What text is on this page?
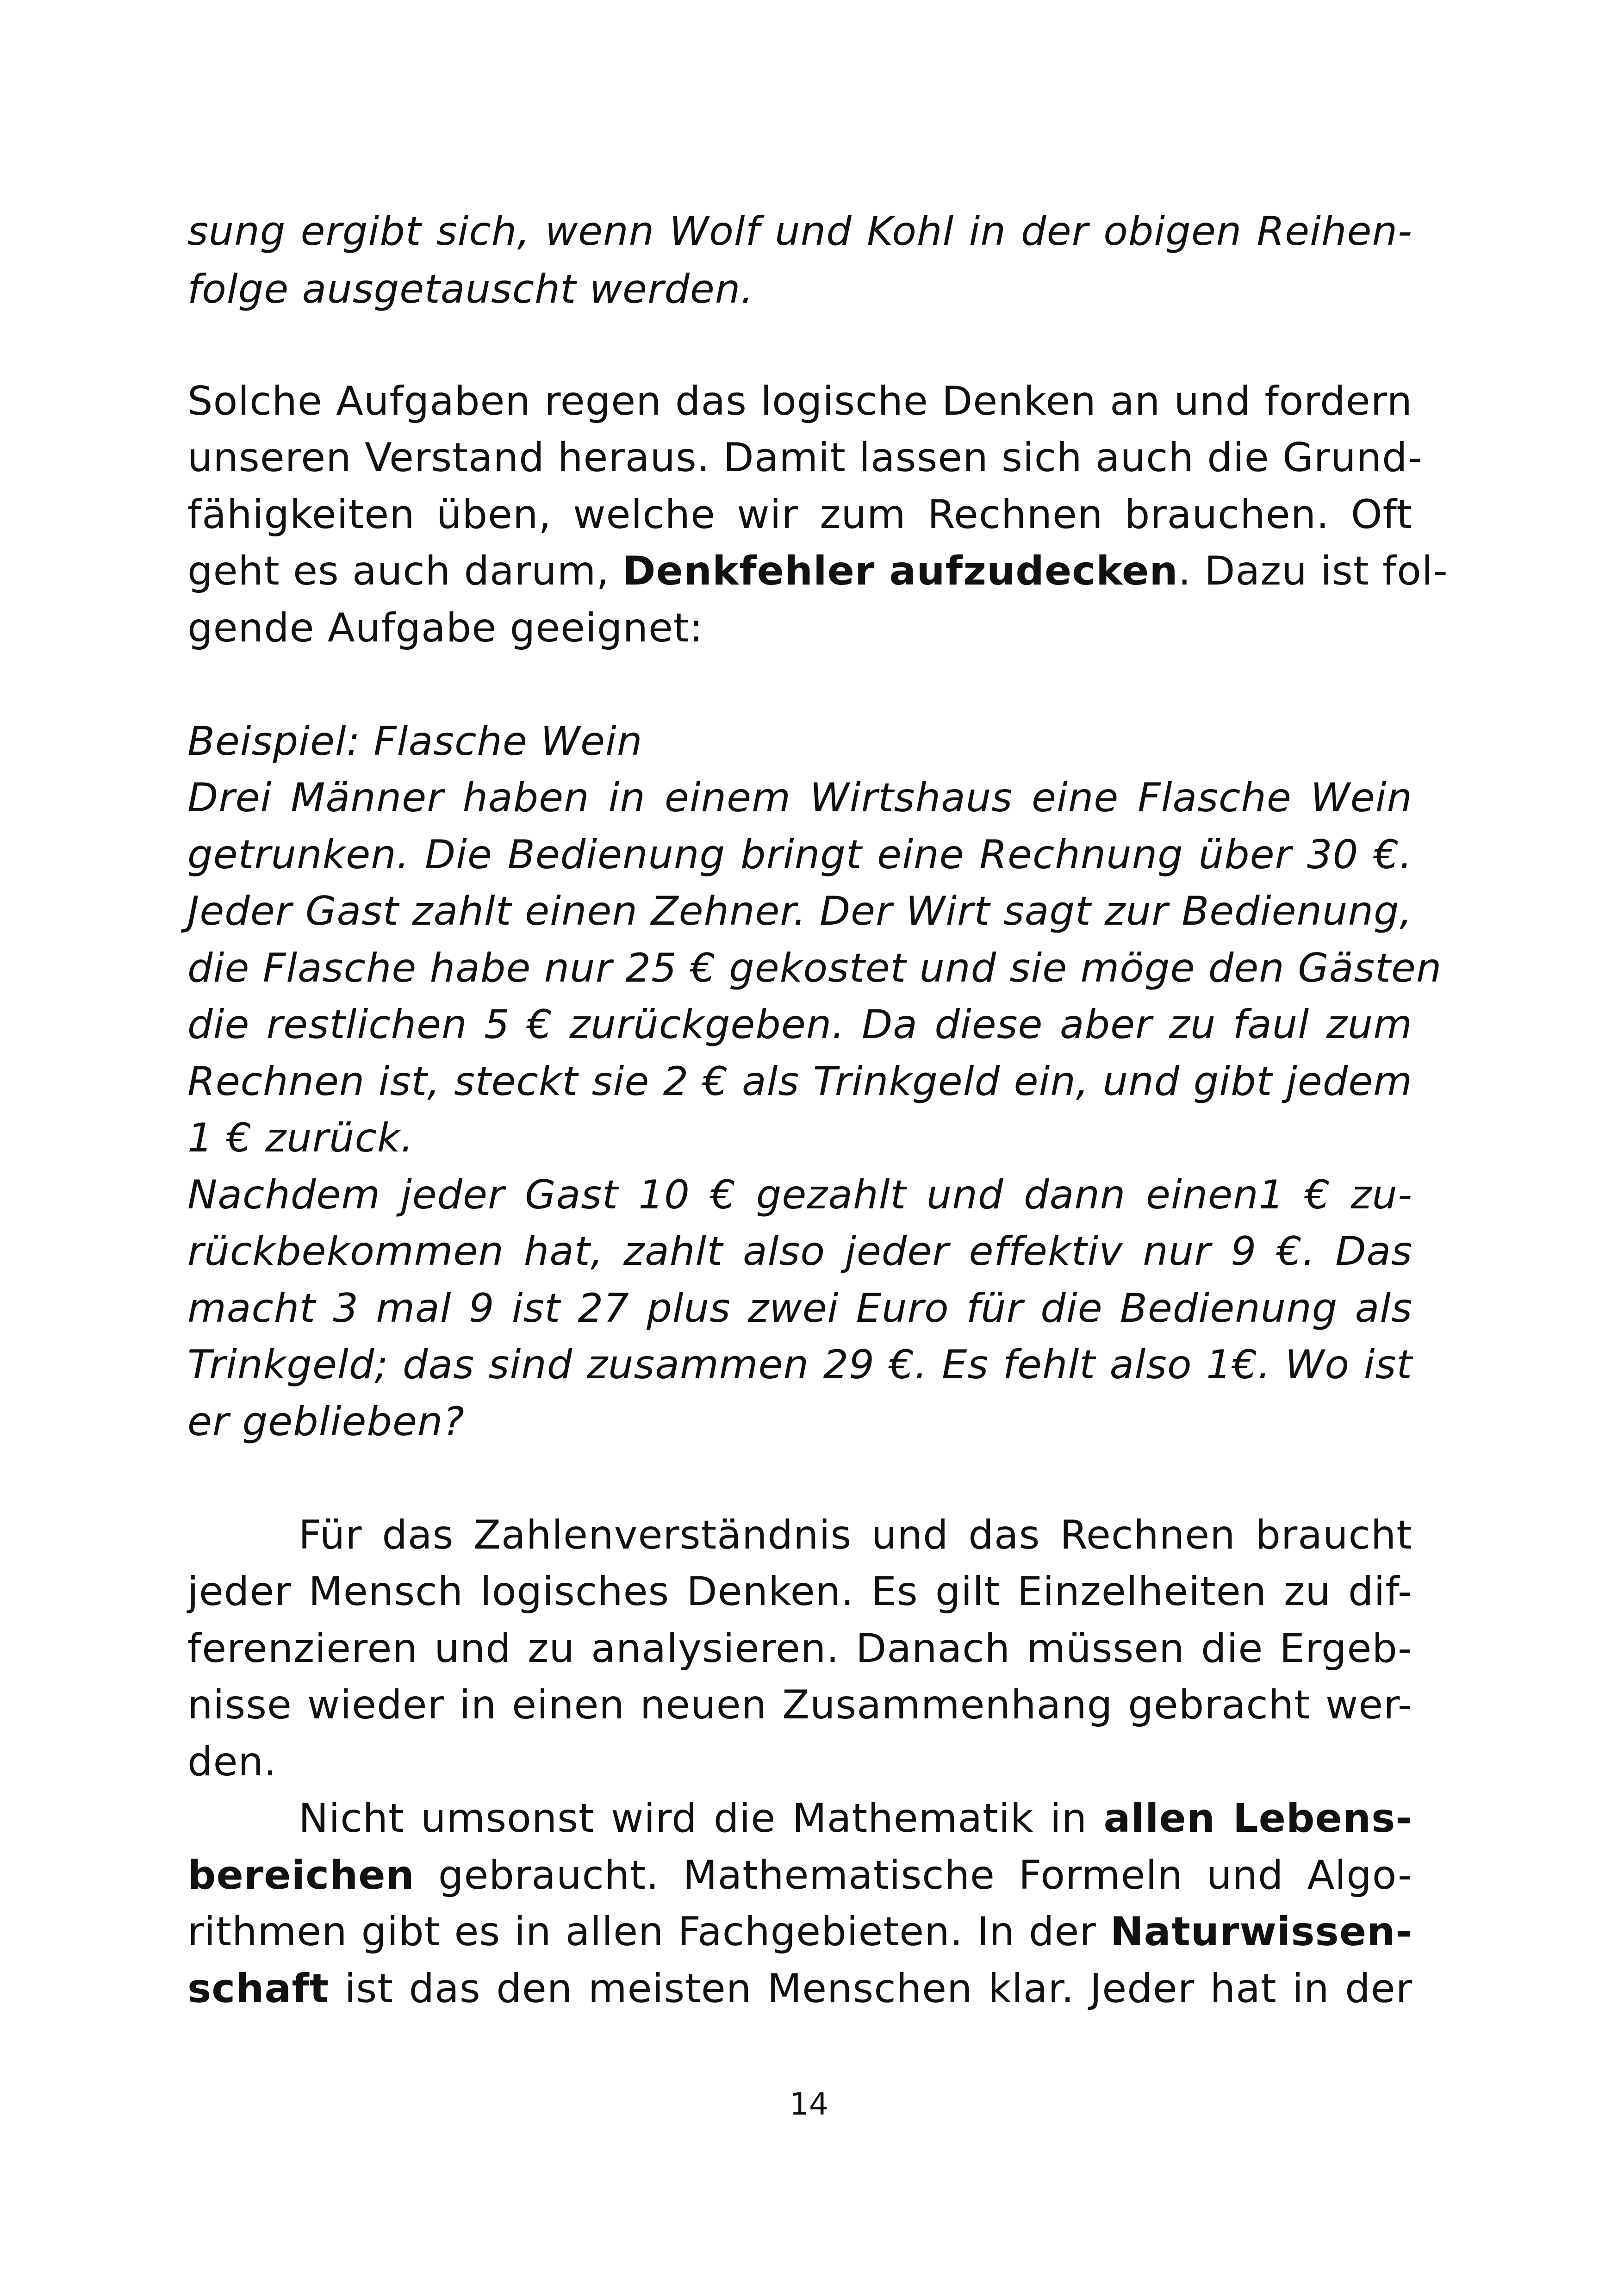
sung ergibt sich, wenn Wolf und Kohl in der obigen Reihen-
folge ausgetauscht werden.
Solche Aufgaben regen das logische Denken an und fordern
unseren Verstand heraus. Damit lassen sich auch die Grund-
fähigkeiten üben, welche wir zum Rechnen brauchen. Oft
geht es auch darum, Denkfehler aufzudecken. Dazu ist fol-
gende Aufgabe geeignet:
Beispiel: Flasche Wein
Drei Männer haben in einem Wirtshaus eine Flasche Wein
getrunken. Die Bedienung bringt eine Rechnung über 30 €.
Jeder Gast zahlt einen Zehner. Der Wirt sagt zur Bedienung,
die Flasche habe nur 25 € gekostet und sie möge den Gästen
die restlichen 5 € zurückgeben. Da diese aber zu faul zum
Rechnen ist, steckt sie 2 € als Trinkgeld ein, und gibt jedem
1 € zurück.
Nachdem jeder Gast 10 € gezahlt und dann einen1 € zu-
rückbekommen hat, zahlt also jeder effektiv nur 9 €. Das
macht 3 mal 9 ist 27 plus zwei Euro für die Bedienung als
Trinkgeld; das sind zusammen 29 €. Es fehlt also 1€. Wo ist
er geblieben?
Für das Zahlenverständnis und das Rechnen braucht
jeder Mensch logisches Denken. Es gilt Einzelheiten zu dif-
ferenzieren und zu analysieren. Danach müssen die Ergeb-
nisse wieder in einen neuen Zusammenhang gebracht wer-
den.
Nicht umsonst wird die Mathematik in allen Lebens-
bereichen gebraucht. Mathematische Formeln und Algo-
rithmen gibt es in allen Fachgebieten. In der Naturwissen-
schaft ist das den meisten Menschen klar. Jeder hat in der
14
